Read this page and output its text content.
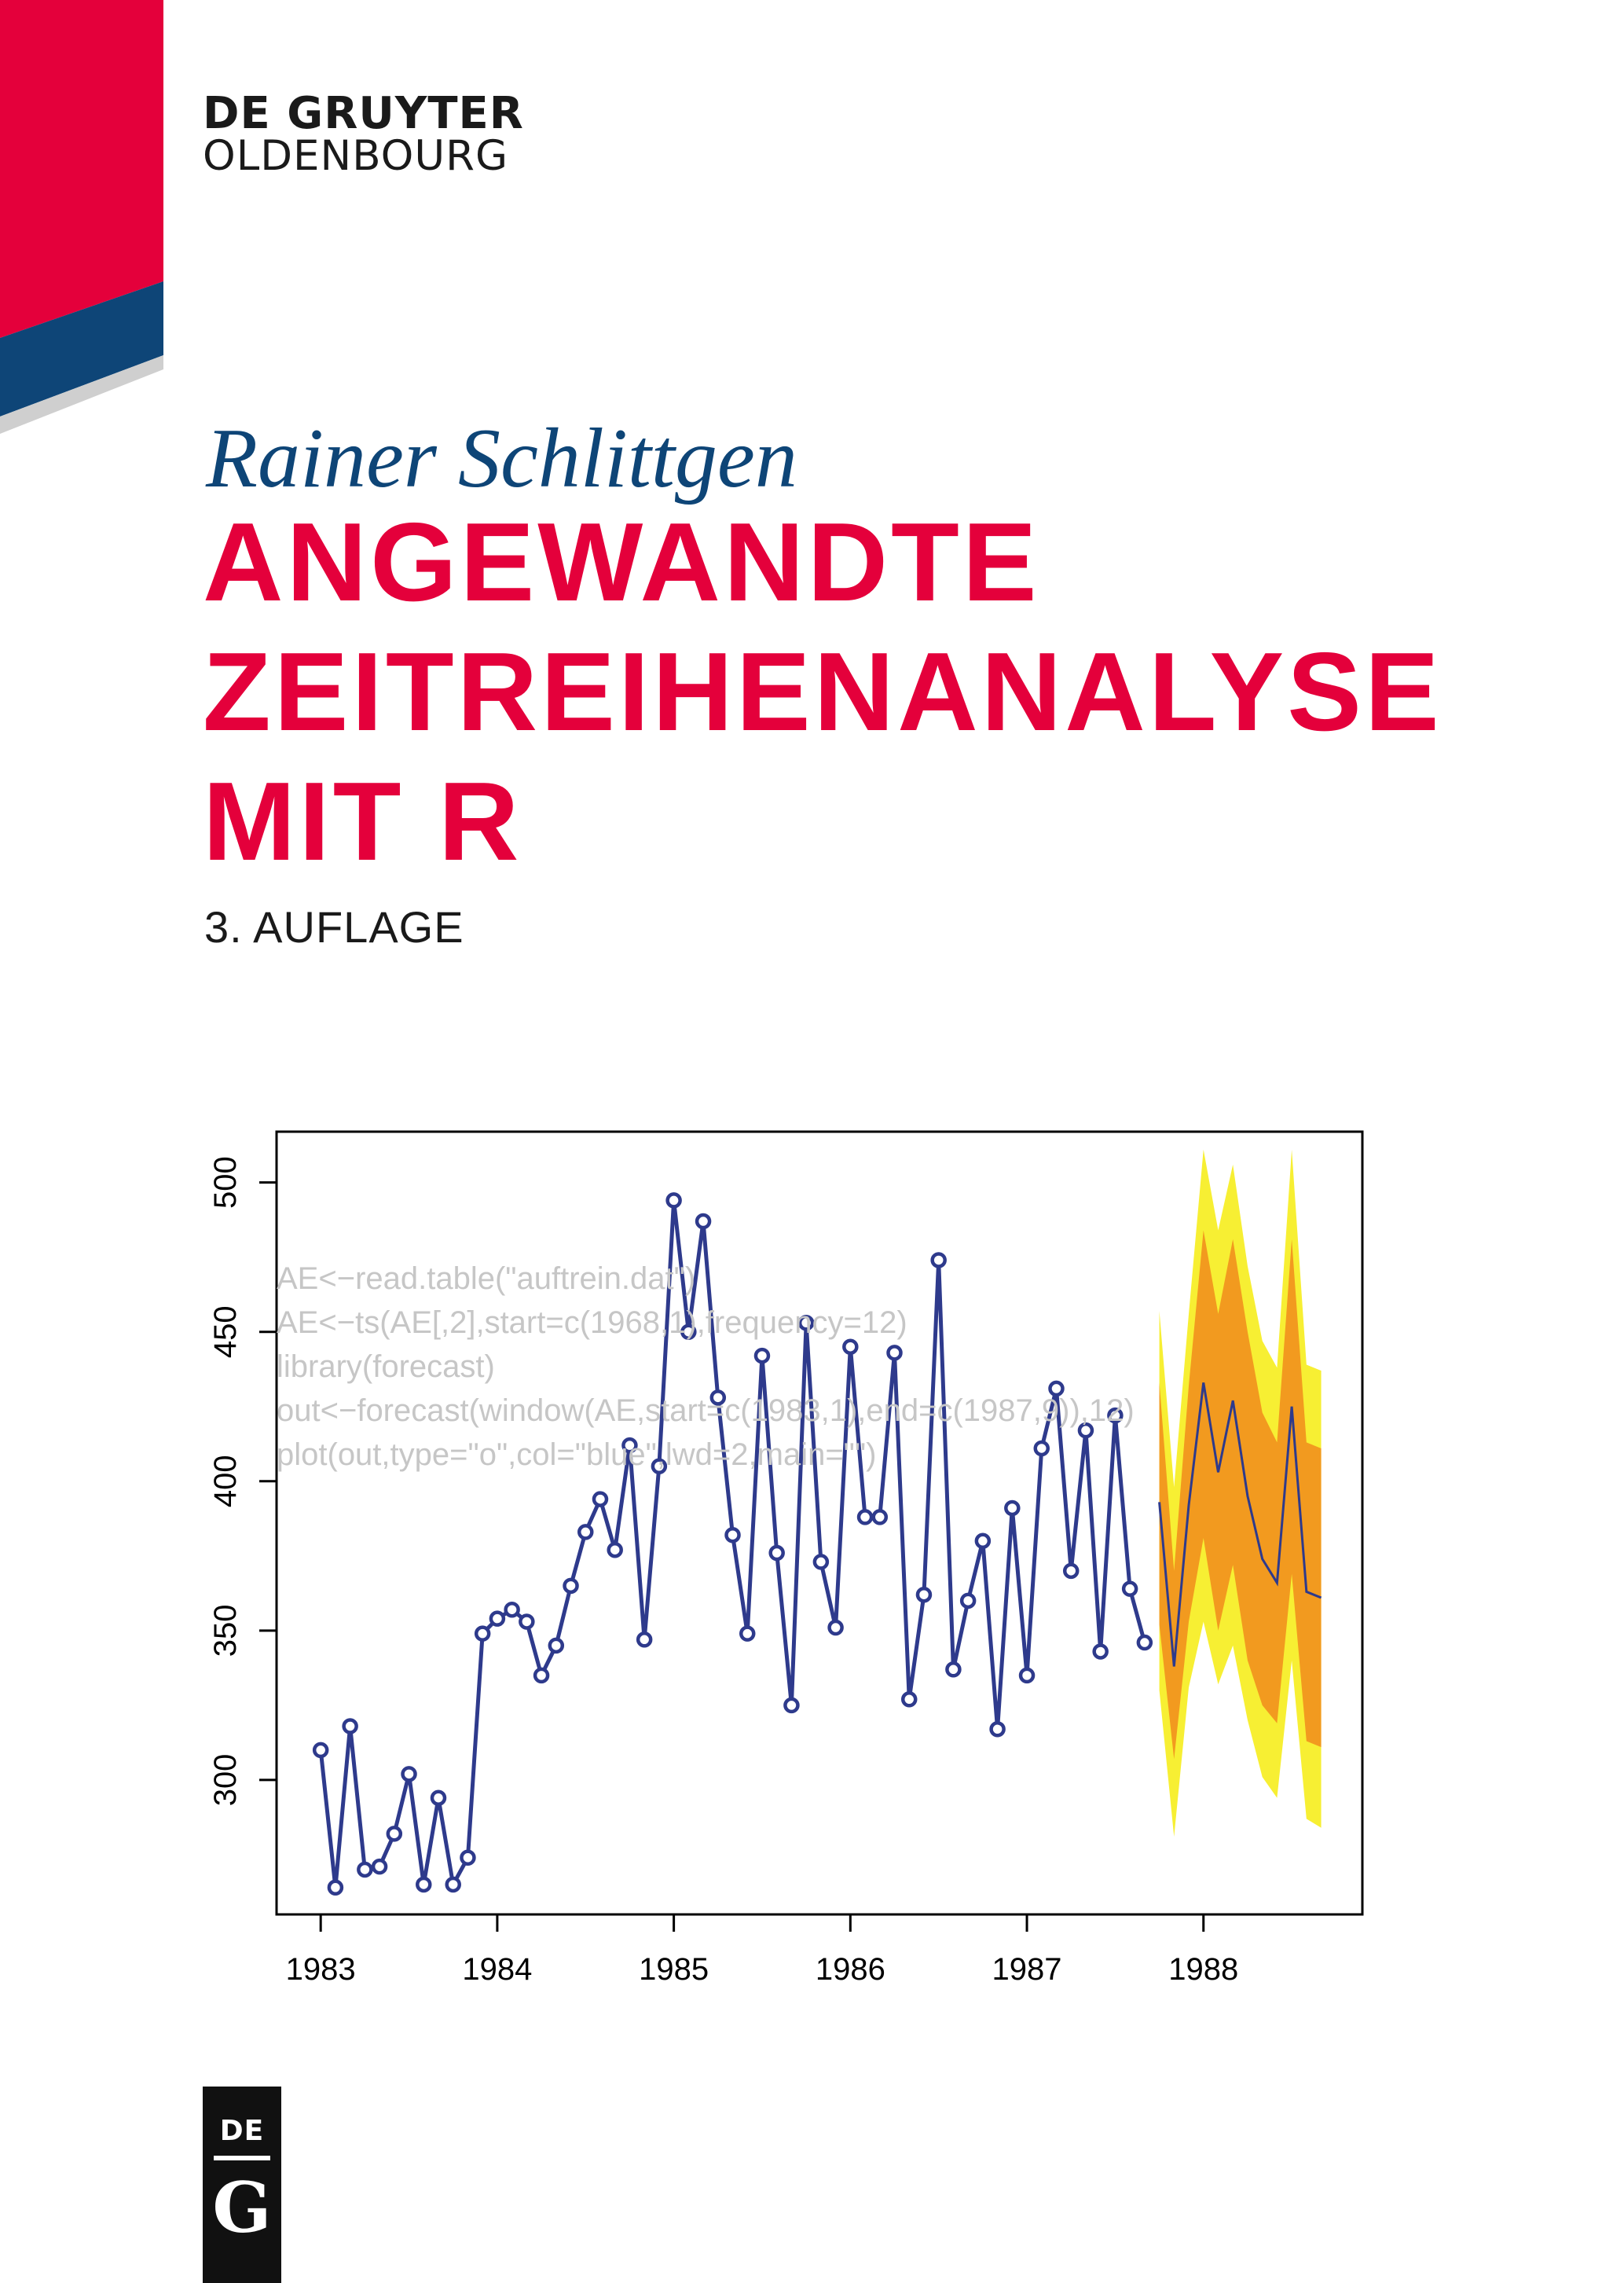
DE GRUYTER
OLDENBOURG
Rainer Schlittgen
ANGEWANDTE
ZEITREIHENANALYSE
MIT R
3. AUFLAGE
1983	1984	1985	1986	1987	1988
300
350
400
450
500
AE<−read.table("auftrein.dat")
AE<−ts(AE[,2],start=c(1968,1),frequency=12)
library(forecast)
out<−forecast(window(AE,start=c(1983,1),end=c(1987,9)),12)
plot(out,type="o",col="blue",lwd=2,main="")
DE
G
